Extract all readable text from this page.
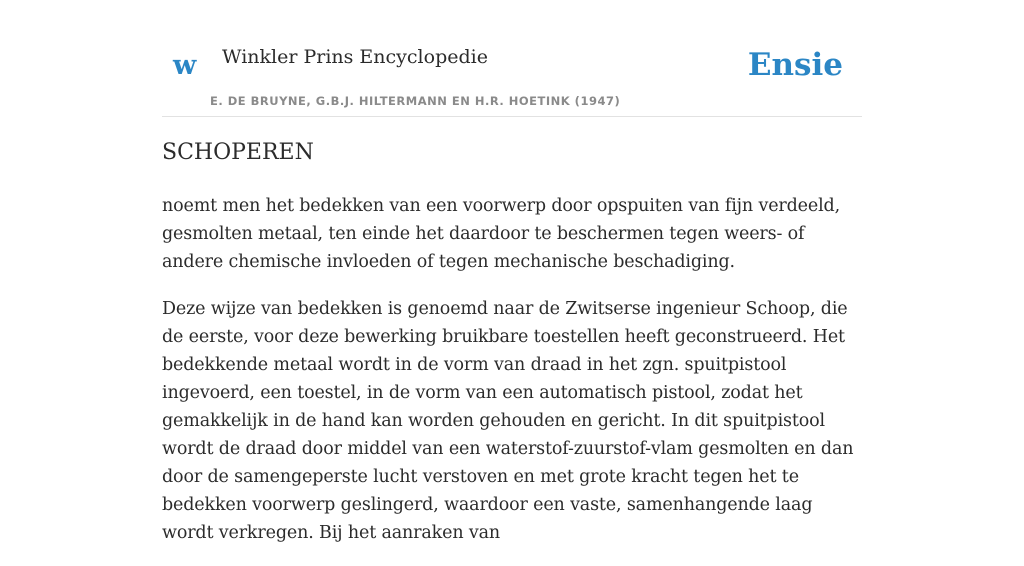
w Winkler Prins Encyclopedie
E. DE BRUYNE, G.B.J. HILTERMANN EN H.R. HOETINK (1947)
Ensie
SCHOPEREN

noemt men het bedekken van een voorwerp door opspuiten van fijn verdeeld, gesmolten metaal, ten einde het daardoor te beschermen tegen weers- of andere chemische invloeden of tegen mechanische beschadiging.

Deze wijze van bedekken is genoemd naar de Zwitserse ingenieur Schoop, die de eerste, voor deze bewerking bruikbare toestellen heeft geconstrueerd. Het bedekkende metaal wordt in de vorm van draad in het zgn. spuitpistool ingevoerd, een toestel, in de vorm van een automatisch pistool, zodat het gemakkelijk in de hand kan worden gehouden en gericht. In dit spuitpistool wordt de draad door middel van een waterstof-zuurstof-vlam gesmolten en dan door de samengeperste lucht verstoven en met grote kracht tegen het te bedekken voorwerp geslingerd, waardoor een vaste, samenhangende laag wordt verkregen. Bij het aanraken van
